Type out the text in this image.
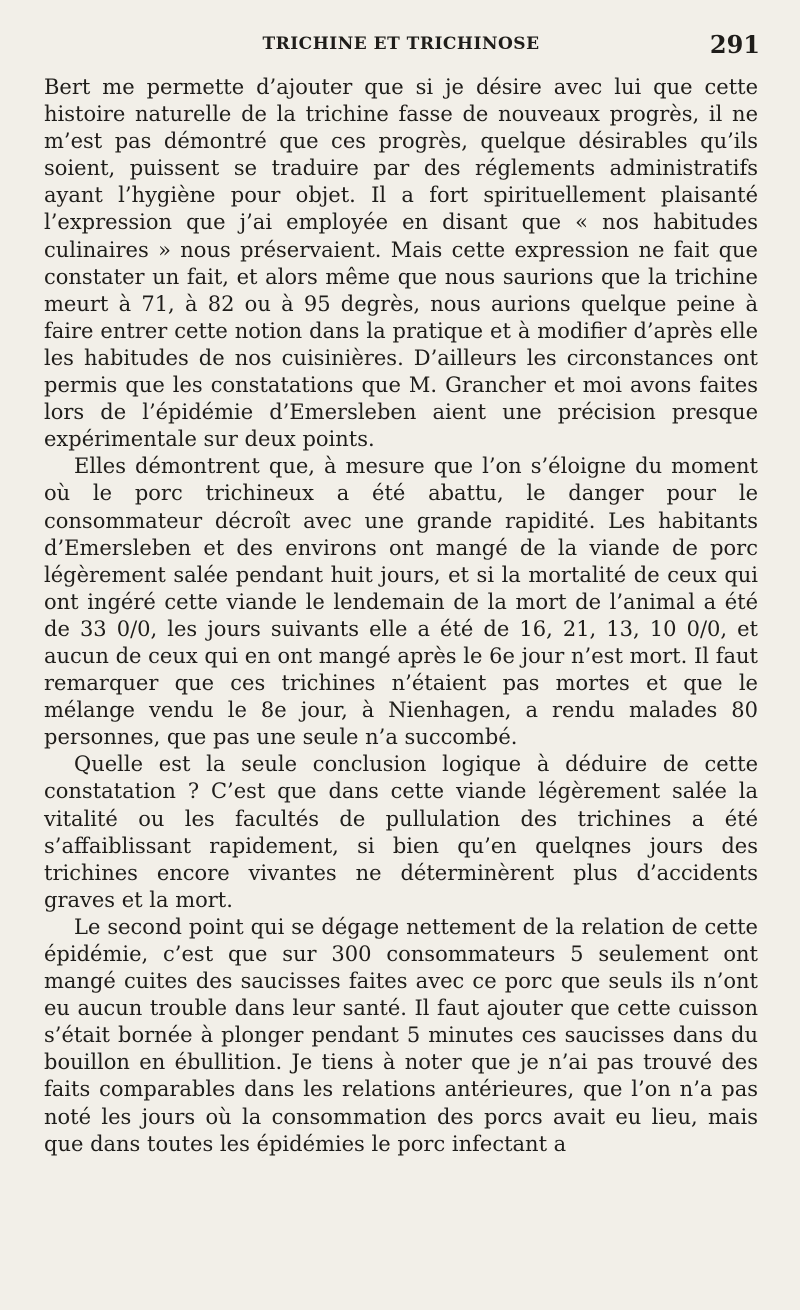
TRICHINE ET TRICHINOSE	291

Bert me permette d’ajouter que si je désire avec lui que cette histoire naturelle de la trichine fasse de nouveaux progrès, il ne m’est pas démontré que ces progrès, quelque désirables qu’ils soient, puissent se traduire par des réglements administratifs ayant l’hygiène pour objet. Il a fort spirituellement plaisanté l’expression que j’ai employée en disant que « nos habitudes culinaires » nous préservaient. Mais cette expression ne fait que constater un fait, et alors même que nous saurions que la trichine meurt à 71, à 82 ou à 95 degrès, nous aurions quelque peine à faire entrer cette notion dans la pratique et à modifier d’après elle les habitudes de nos cuisinières. D’ailleurs les circonstances ont permis que les constatations que M. Grancher et moi avons faites lors de l’épidémie d’Emersleben aient une précision presque expérimentale sur deux points.

Elles démontrent que, à mesure que l’on s’éloigne du moment où le porc trichineux a été abattu, le danger pour le consommateur décroît avec une grande rapidité. Les habitants d’Emersleben et des environs ont mangé de la viande de porc légèrement salée pendant huit jours, et si la mortalité de ceux qui ont ingéré cette viande le lendemain de la mort de l’animal a été de 33 0/0, les jours suivants elle a été de 16, 21, 13, 10 0/0, et aucun de ceux qui en ont mangé après le 6e jour n’est mort. Il faut remarquer que ces trichines n’étaient pas mortes et que le mélange vendu le 8e jour, à Nienhagen, a rendu malades 80 personnes, que pas une seule n’a succombé.

Quelle est la seule conclusion logique à déduire de cette constatation ? C’est que dans cette viande légèrement salée la vitalité ou les facultés de pullulation des trichines a été s’affaiblissant rapidement, si bien qu’en quelqnes jours des trichines encore vivantes ne déterminèrent plus d’accidents graves et la mort.

Le second point qui se dégage nettement de la relation de cette épidémie, c’est que sur 300 consommateurs 5 seulement ont mangé cuites des saucisses faites avec ce porc que seuls ils n’ont eu aucun trouble dans leur santé. Il faut ajouter que cette cuisson s’était bornée à plonger pendant 5 minutes ces saucisses dans du bouillon en ébullition. Je tiens à noter que je n’ai pas trouvé des faits comparables dans les relations antérieures, que l’on n’a pas noté les jours où la consommation des porcs avait eu lieu, mais que dans toutes les épidémies le porc infectant a
